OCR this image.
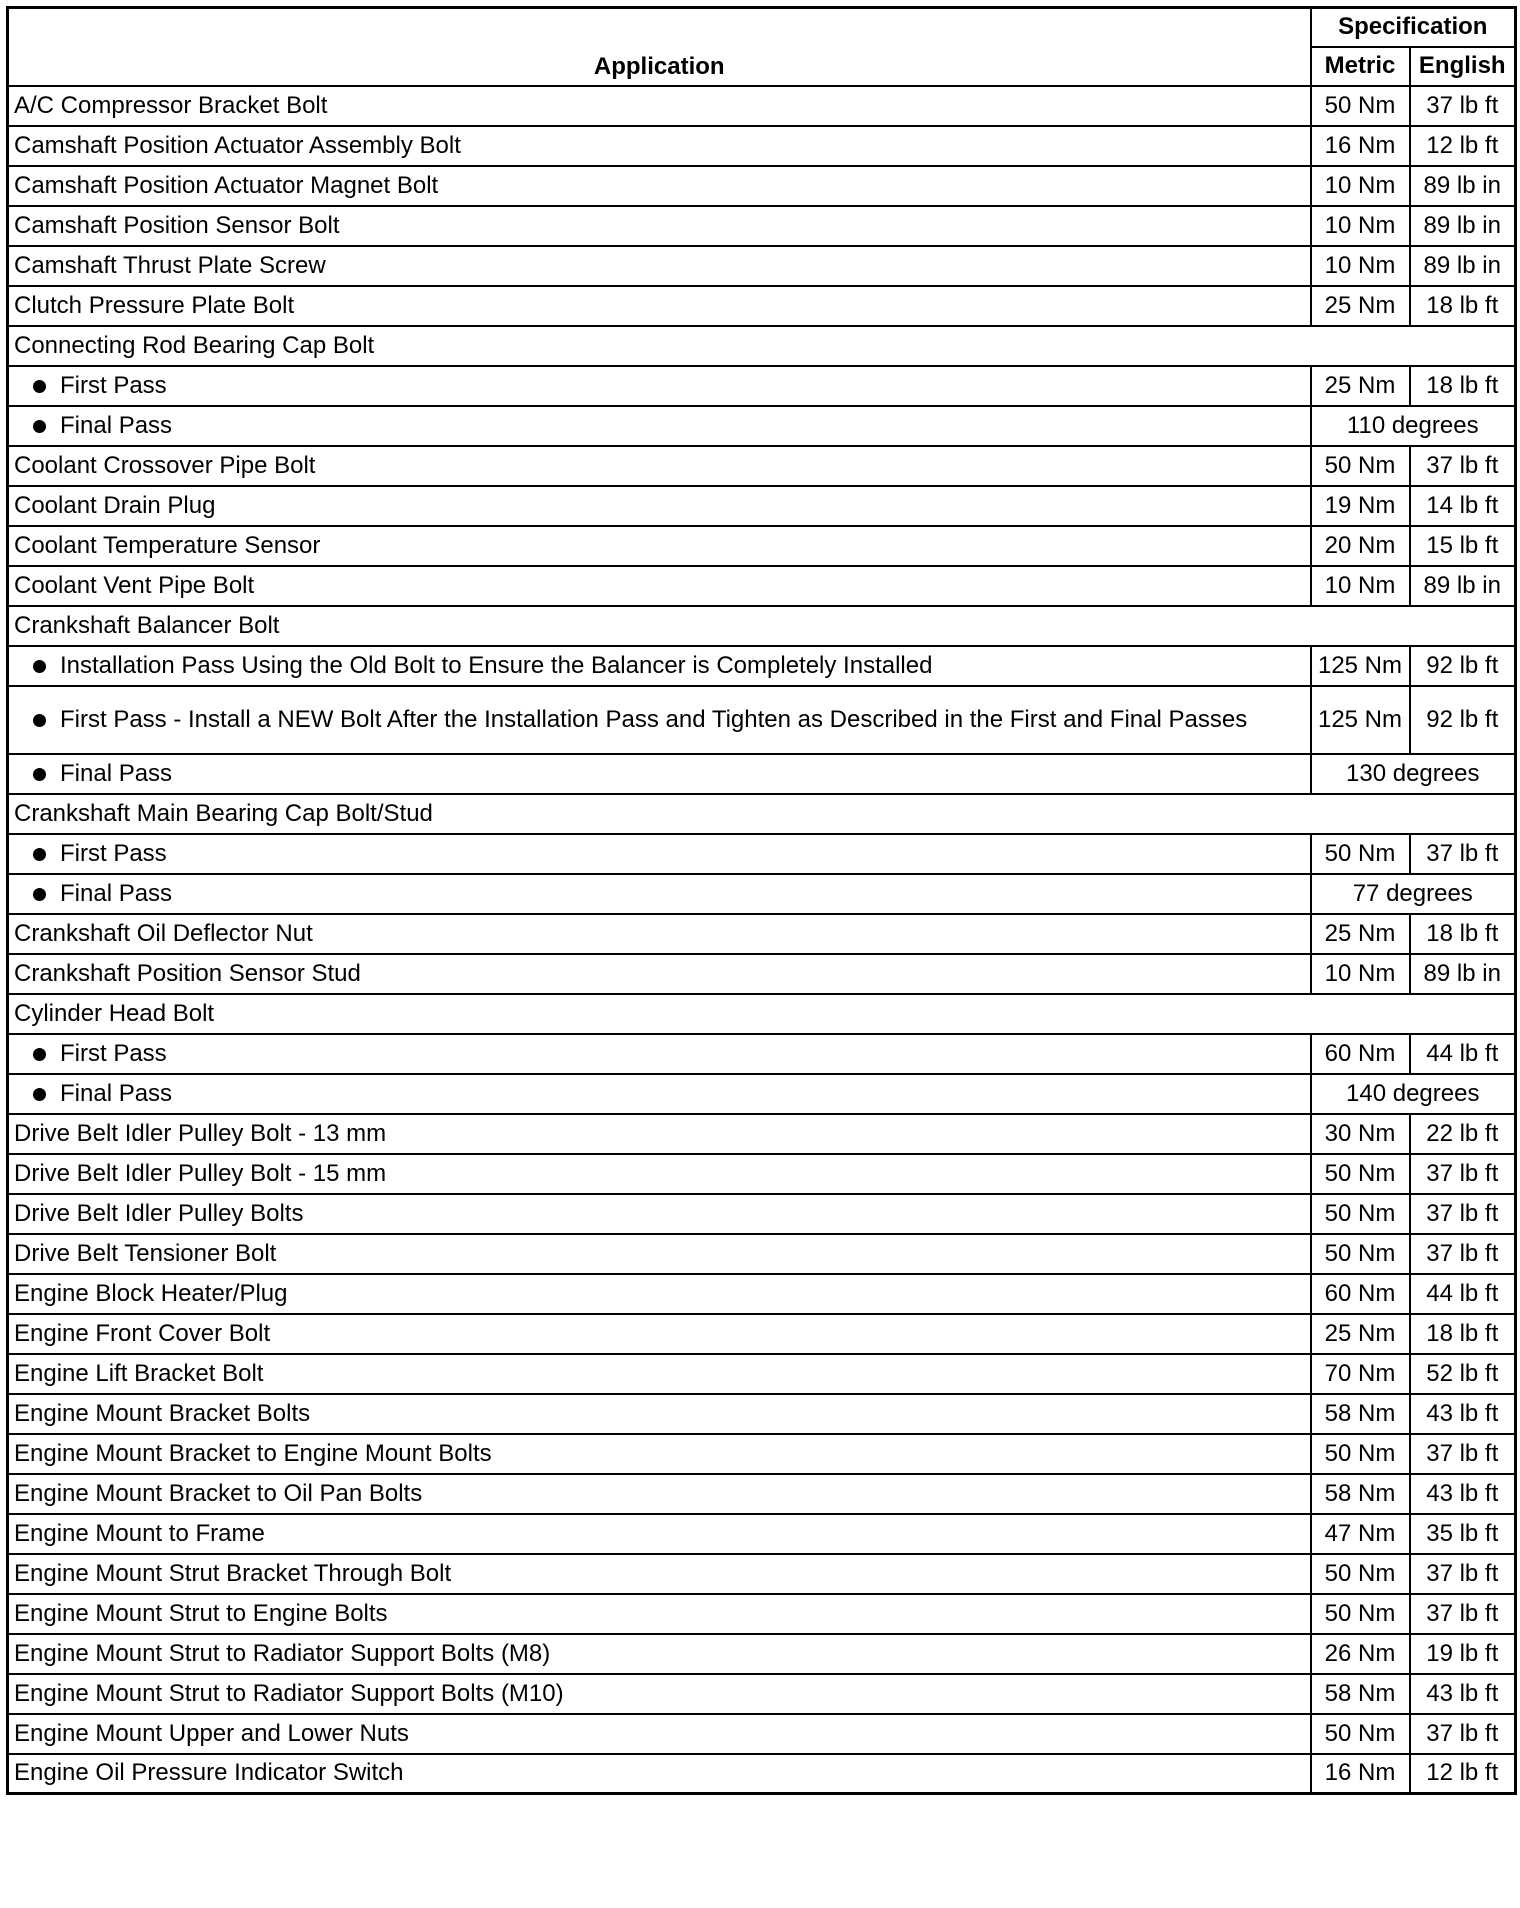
Application	Specification	
	Metric	English
A/C Compressor Bracket Bolt	50 Nm	37 lb ft
Camshaft Position Actuator Assembly Bolt	16 Nm	12 lb ft
Camshaft Position Actuator Magnet Bolt	10 Nm	89 lb in
Camshaft Position Sensor Bolt	10 Nm	89 lb in
Camshaft Thrust Plate Screw	10 Nm	89 lb in
Clutch Pressure Plate Bolt	25 Nm	18 lb ft
Connecting Rod Bearing Cap Bolt		

First Pass	25 Nm	18 lb ft

Final Pass	110 degrees	
Coolant Crossover Pipe Bolt	50 Nm	37 lb ft
Coolant Drain Plug	19 Nm	14 lb ft
Coolant Temperature Sensor	20 Nm	15 lb ft
Coolant Vent Pipe Bolt	10 Nm	89 lb in
Crankshaft Balancer Bolt		

Installation Pass Using the Old Bolt to Ensure the Balancer is Completely Installed	125 Nm	92 lb ft

First Pass - Install a NEW Bolt After the Installation Pass and Tighten as Described in the First and Final Passes	125 Nm	92 lb ft

Final Pass	130 degrees	
Crankshaft Main Bearing Cap Bolt/Stud		

First Pass	50 Nm	37 lb ft

Final Pass	77 degrees	
Crankshaft Oil Deflector Nut	25 Nm	18 lb ft
Crankshaft Position Sensor Stud	10 Nm	89 lb in
Cylinder Head Bolt		

First Pass	60 Nm	44 lb ft

Final Pass	140 degrees	
Drive Belt Idler Pulley Bolt - 13 mm	30 Nm	22 lb ft
Drive Belt Idler Pulley Bolt - 15 mm	50 Nm	37 lb ft
Drive Belt Idler Pulley Bolts	50 Nm	37 lb ft
Drive Belt Tensioner Bolt	50 Nm	37 lb ft
Engine Block Heater/Plug	60 Nm	44 lb ft
Engine Front Cover Bolt	25 Nm	18 lb ft
Engine Lift Bracket Bolt	70 Nm	52 lb ft
Engine Mount Bracket Bolts	58 Nm	43 lb ft
Engine Mount Bracket to Engine Mount Bolts	50 Nm	37 lb ft
Engine Mount Bracket to Oil Pan Bolts	58 Nm	43 lb ft
Engine Mount to Frame	47 Nm	35 lb ft
Engine Mount Strut Bracket Through Bolt	50 Nm	37 lb ft
Engine Mount Strut to Engine Bolts	50 Nm	37 lb ft
Engine Mount Strut to Radiator Support Bolts (M8)	26 Nm	19 lb ft
Engine Mount Strut to Radiator Support Bolts (M10)	58 Nm	43 lb ft
Engine Mount Upper and Lower Nuts	50 Nm	37 lb ft
Engine Oil Pressure Indicator Switch	16 Nm	12 lb ft
